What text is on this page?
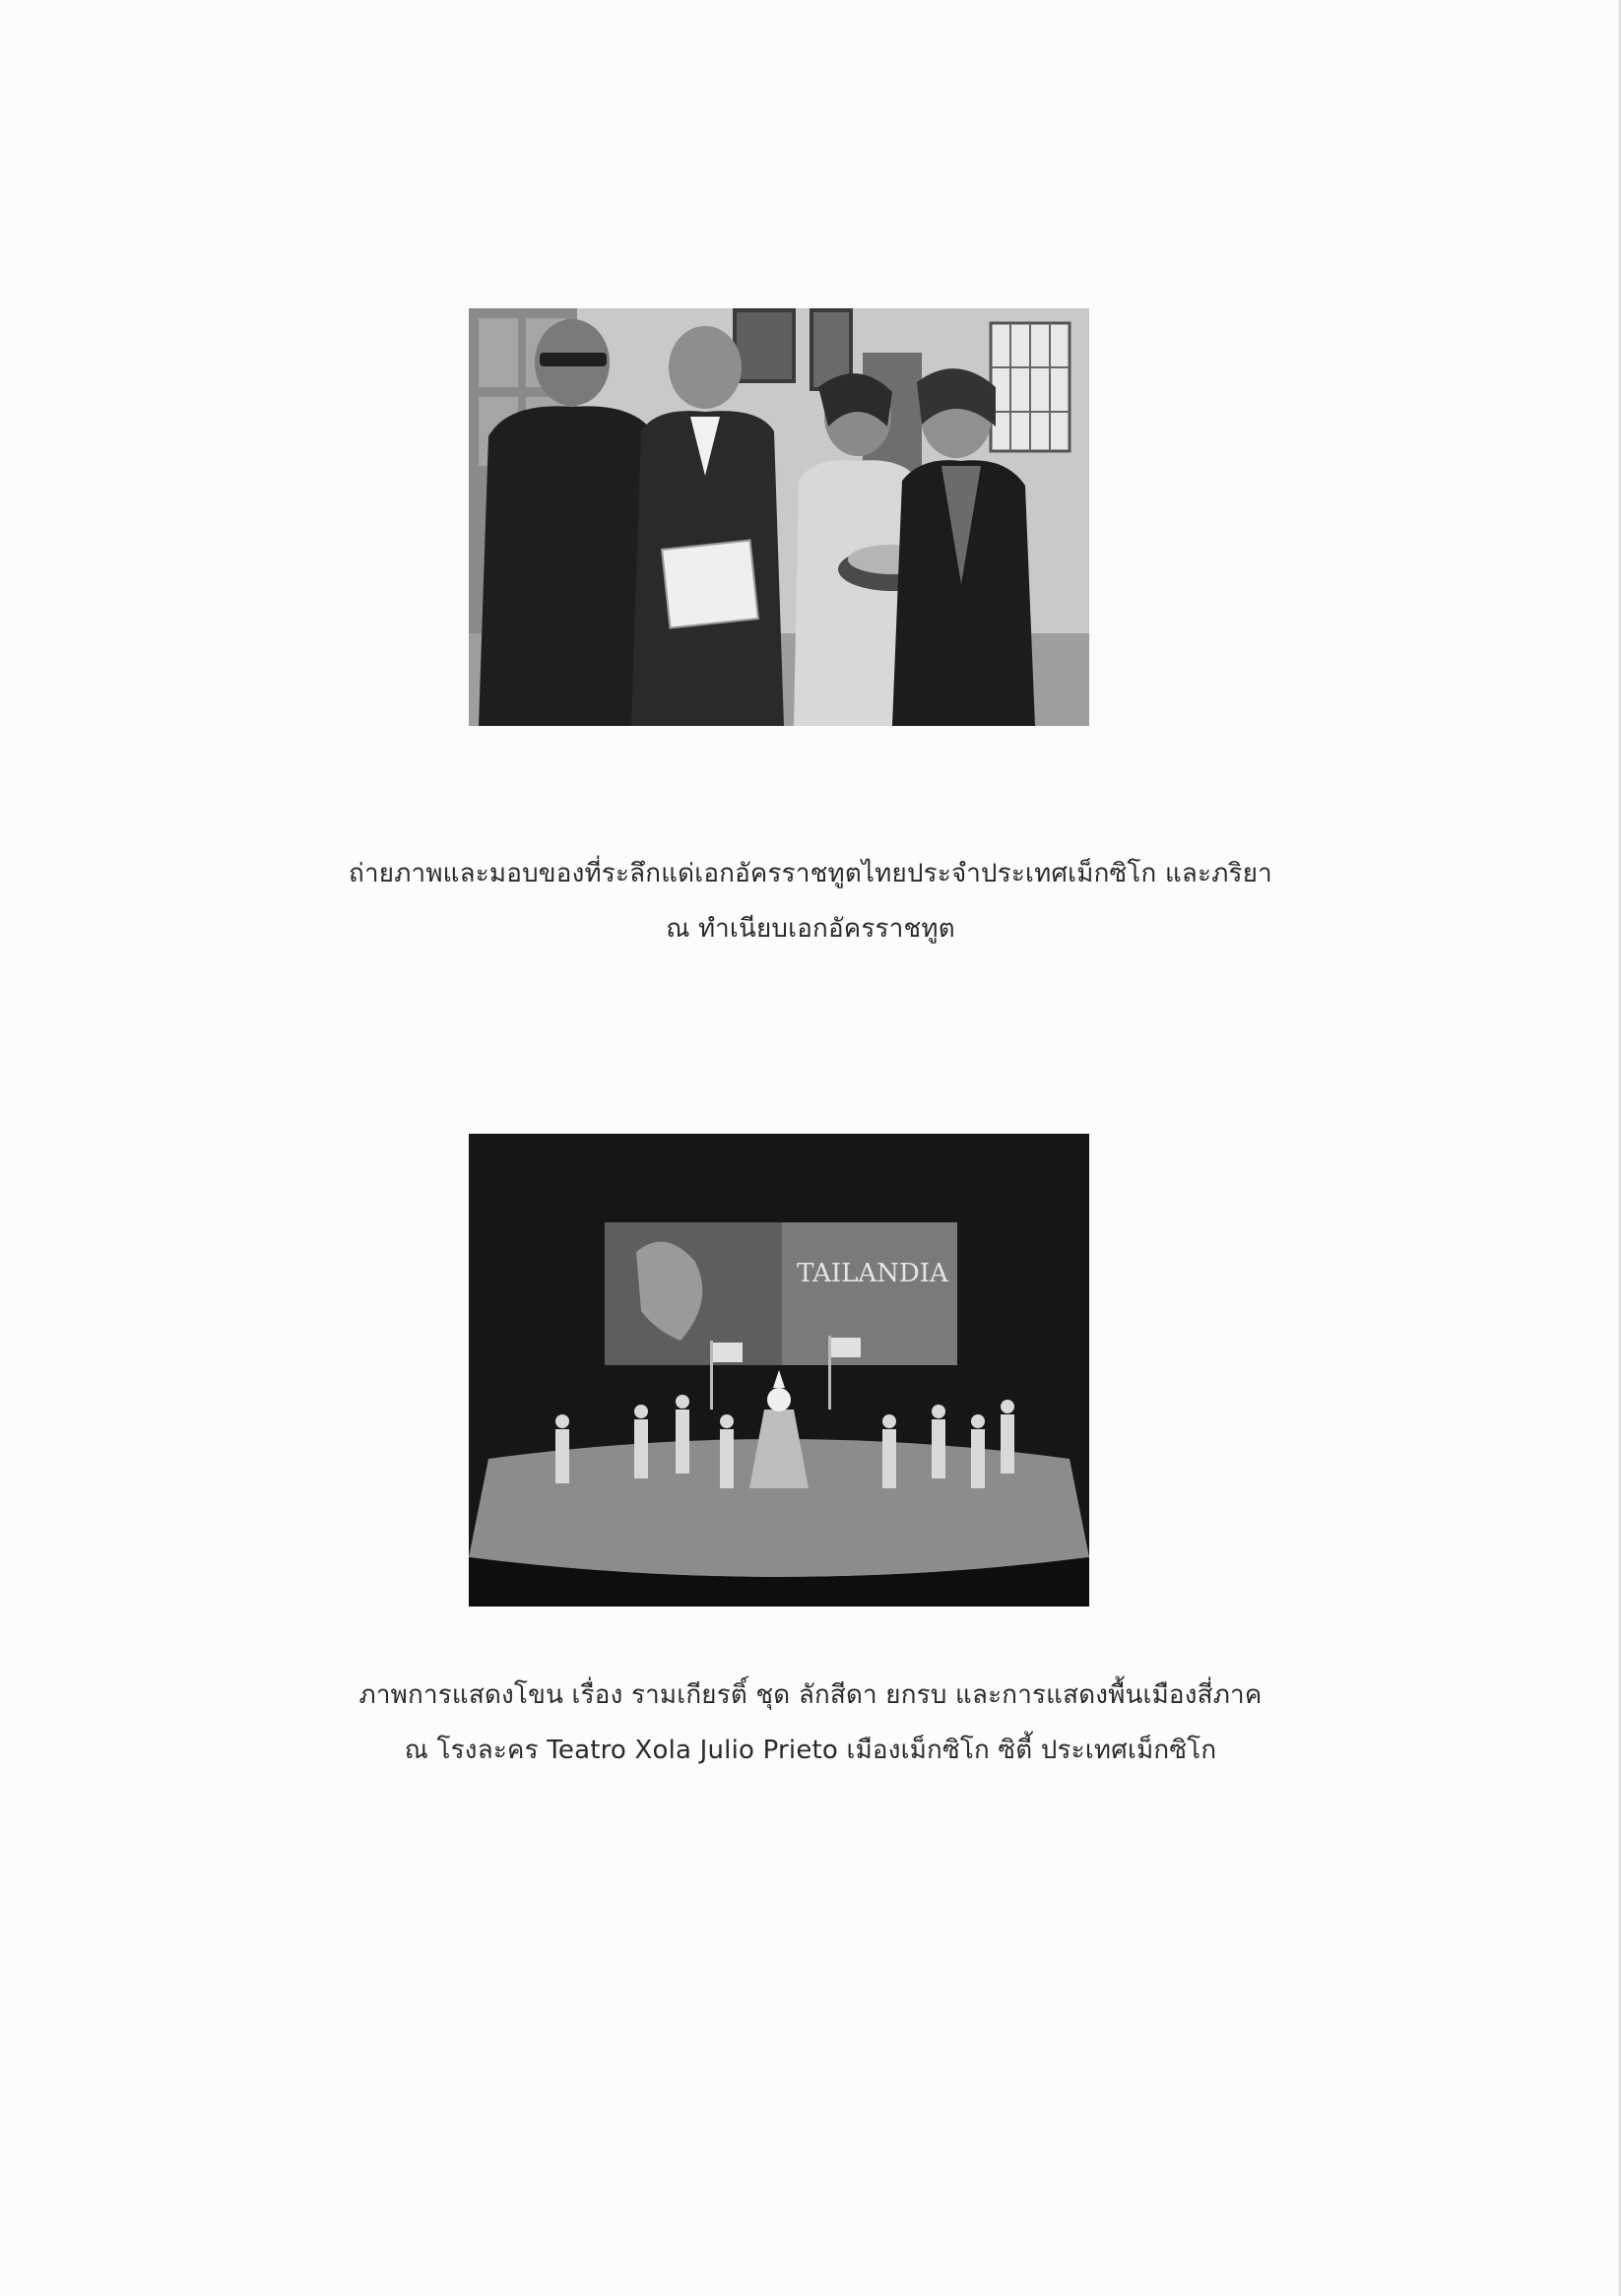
ถ่ายภาพและมอบของที่ระลึกแด่เอกอัครราชทูตไทยประจำประเทศเม็กซิโก และภริยา
ณ ทำเนียบเอกอัครราชทูต
TAILANDIA
ภาพการแสดงโขน เรื่อง รามเกียรติ์ ชุด ลักสีดา ยกรบ และการแสดงพื้นเมืองสี่ภาค
ณ โรงละคร Teatro Xola Julio Prieto เมืองเม็กซิโก ซิตี้ ประเทศเม็กซิโก
